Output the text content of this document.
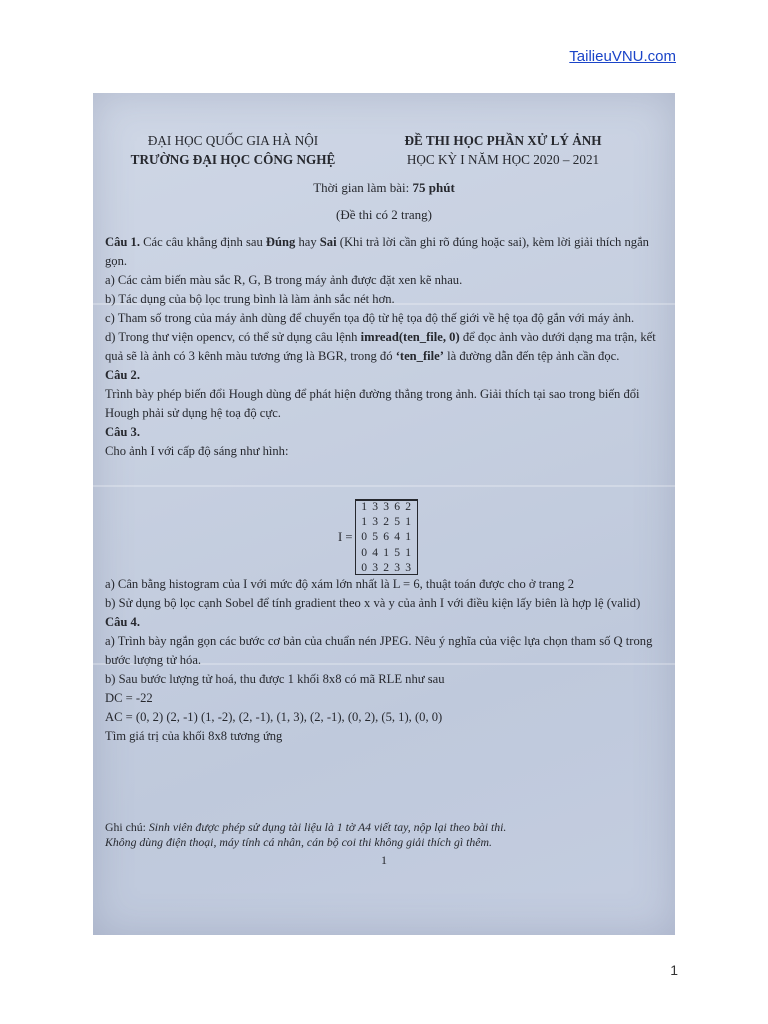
TailieuVNU.com
ĐẠI HỌC QUỐC GIA HÀ NỘI
TRƯỜNG ĐẠI HỌC CÔNG NGHỆ
ĐỀ THI HỌC PHẦN XỬ LÝ ẢNH
HỌC KỲ I NĂM HỌC 2020 – 2021
Thời gian làm bài: 75 phút
(Đề thi có 2 trang)

Câu 1. Các câu khẳng định sau Đúng hay Sai (Khi trả lời cần ghi rõ đúng hoặc sai), kèm lời giải thích ngắn gọn.

a) Các cảm biến màu sắc R, G, B trong máy ảnh được đặt xen kẽ nhau.

b) Tác dụng của bộ lọc trung bình là làm ảnh sắc nét hơn.

c) Tham số trong của máy ảnh dùng để chuyển tọa độ từ hệ tọa độ thế giới về hệ tọa độ gắn với máy ảnh.

d) Trong thư viện opencv, có thể sử dụng câu lệnh imread(ten_file, 0) để đọc ảnh vào dưới dạng ma trận, kết quả sẽ là ảnh có 3 kênh màu tương ứng là BGR, trong đó ‘ten_file’ là đường dẫn đến tệp ảnh cần đọc.

Câu 2.

Trình bày phép biến đổi Hough dùng để phát hiện đường thẳng trong ảnh. Giải thích tại sao trong biến đổi Hough phải sử dụng hệ toạ độ cực.

Câu 3.

Cho ảnh I với cấp độ sáng như hình:

I =
1 3 3 6 2
1 3 2 5 1
0 5 6 4 1
0 4 1 5 1
0 3 2 3 3

a) Cân bằng histogram của I với mức độ xám lớn nhất là L = 6, thuật toán được cho ở trang 2

b) Sử dụng bộ lọc cạnh Sobel để tính gradient theo x và y của ảnh I với điều kiện lấy biên là hợp lệ (valid)

Câu 4.

a) Trình bày ngắn gọn các bước cơ bản của chuẩn nén JPEG. Nêu ý nghĩa của việc lựa chọn tham số Q trong bước lượng tử hóa.

b) Sau bước lượng tử hoá, thu được 1 khối 8x8 có mã RLE như sau

DC = -22

AC = (0, 2) (2, -1) (1, -2), (2, -1), (1, 3), (2, -1), (0, 2), (5, 1), (0, 0)

Tìm giá trị của khối 8x8 tương ứng

Ghi chú: Sinh viên được phép sử dụng tài liệu là 1 tờ A4 viết tay, nộp lại theo bài thi.
Không dùng điện thoại, máy tính cá nhân, cán bộ coi thi không giải thích gì thêm.
1
1
